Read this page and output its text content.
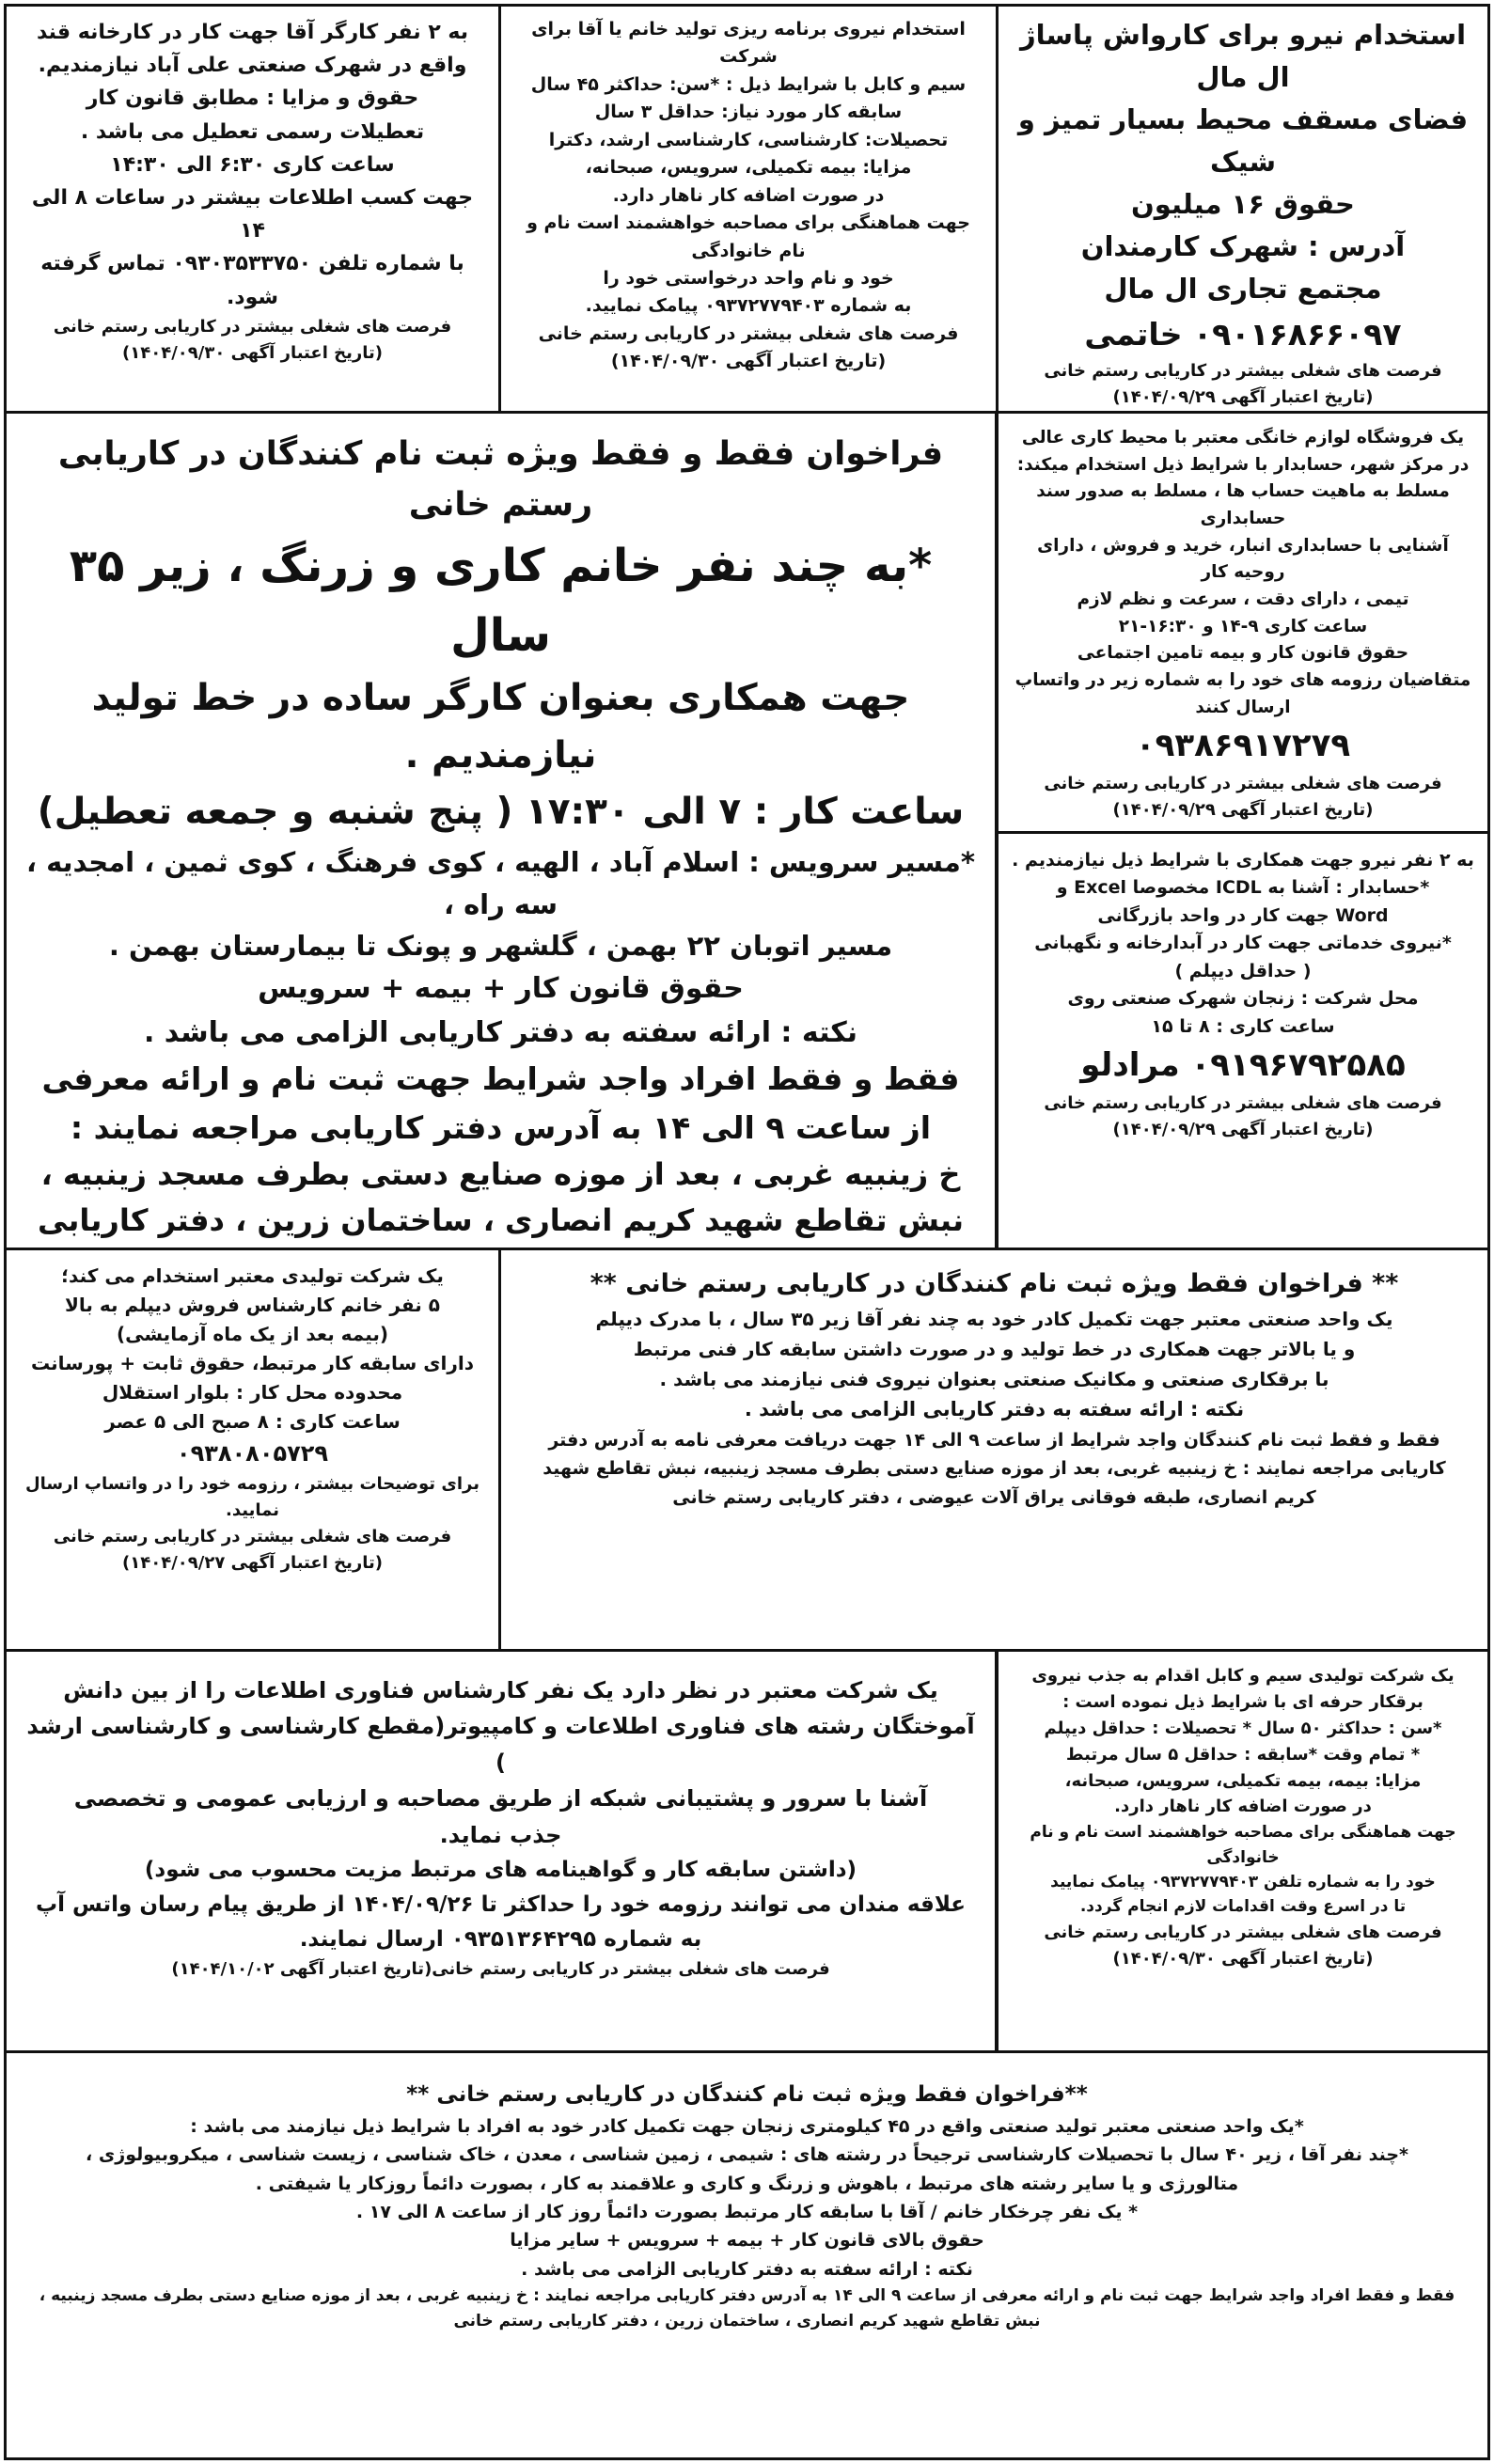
استخدام نیرو برای کارواش پاساژ ال مال

فضای مسقف محیط بسیار تمیز و شیک

حقوق ۱۶ میلیون

آدرس : شهرک کارمندان

مجتمع تجاری ال مال

۰۹۰۱۶۸۶۶۰۹۷ خاتمی

فرصت های شغلی بیشتر در کاریابی رستم خانی

(تاریخ اعتبار آگهی ۱۴۰۴/۰۹/۲۹)

استخدام نیروی برنامه ریزی تولید خانم یا آقا برای شرکت

سیم و کابل با شرایط ذیل : *سن: حداکثر ۴۵ سال

سابقه کار مورد نیاز: حداقل ۳ سال

تحصیلات: کارشناسی، کارشناسی ارشد، دکترا

مزایا: بیمه تکمیلی، سرویس، صبحانه،

در صورت اضافه کار ناهار دارد.

جهت هماهنگی برای مصاحبه خواهشمند است نام و نام خانوادگی

خود و نام واحد درخواستی خود را

به شماره ۰۹۳۷۲۷۷۹۴۰۳ پیامک نمایید.

فرصت های شغلی بیشتر در کاریابی رستم خانی

(تاریخ اعتبار آگهی ۱۴۰۴/۰۹/۳۰)

به ۲ نفر کارگر آقا جهت کار در کارخانه قند

واقع در شهرک صنعتی علی آباد نیازمندیم.

حقوق و مزایا : مطابق قانون کار

تعطیلات رسمی تعطیل می باشد .

ساعت کاری ۶:۳۰ الی ۱۴:۳۰

جهت کسب اطلاعات بیشتر در ساعات ۸ الی ۱۴

با شماره تلفن ۰۹۳۰۳۵۳۳۷۵۰ تماس گرفته شود.

فرصت های شغلی بیشتر در کاریابی رستم خانی

(تاریخ اعتبار آگهی ۱۴۰۴/۰۹/۳۰)

فراخوان فقط و فقط ویژه ثبت نام کنندگان در کاریابی رستم خانی

*به چند نفر خانم کاری و زرنگ ، زیر ۳۵ سال

جهت همکاری بعنوان کارگر ساده در خط تولید نیازمندیم .

ساعت کار : ۷ الی ۱۷:۳۰ ( پنج شنبه و جمعه تعطیل)

*مسیر سرویس : اسلام آباد ، الهیه ، کوی فرهنگ ، کوی ثمین ، امجدیه ، سه راه ،

مسیر اتوبان ۲۲ بهمن ، گلشهر و پونک تا بیمارستان بهمن .

حقوق قانون کار + بیمه + سرویس

نکته : ارائه سفته به دفتر کاریابی الزامی می باشد .

فقط و فقط افراد واجد شرایط جهت ثبت نام و ارائه معرفی

از ساعت ۹ الی ۱۴ به آدرس دفتر کاریابی مراجعه نمایند :

خ زینبیه غربی ، بعد از موزه صنایع دستی بطرف مسجد زینبیه ،

نبش تقاطع شهید کریم انصاری ، ساختمان زرین ، دفتر کاریابی

یک فروشگاه لوازم خانگی معتبر با محیط کاری عالی

در مرکز شهر، حسابدار با شرایط ذیل استخدام میکند:

مسلط به ماهیت حساب ها ، مسلط به صدور سند حسابداری

آشنایی با حسابداری انبار، خرید و فروش ، دارای روحیه کار

تیمی ، دارای دقت ، سرعت و نظم لازم

ساعت کاری ۹-۱۴ و ۱۶:۳۰-۲۱

حقوق قانون کار و بیمه تامین اجتماعی

متقاضیان رزومه های خود را به شماره زیر در واتساپ ارسال کنند

۰۹۳۸۶۹۱۷۲۷۹

فرصت های شغلی بیشتر در کاریابی رستم خانی

(تاریخ اعتبار آگهی ۱۴۰۴/۰۹/۲۹)

به ۲ نفر نیرو جهت همکاری با شرایط ذیل نیازمندیم .

*حسابدار : آشنا به ICDL مخصوصا Excel و

Word جهت کار در واحد بازرگانی

*نیروی خدماتی جهت کار در آبدارخانه و نگهبانی

( حداقل دیپلم )

محل شرکت : زنجان شهرک صنعتی روی

ساعت کاری : ۸ تا ۱۵

۰۹۱۹۶۷۹۲۵۸۵ مرادلو

فرصت های شغلی بیشتر در کاریابی رستم خانی

(تاریخ اعتبار آگهی ۱۴۰۴/۰۹/۲۹)

یک شرکت تولیدی معتبر استخدام می کند؛

۵ نفر خانم کارشناس فروش دیپلم به بالا

(بیمه بعد از یک ماه آزمایشی)

دارای سابقه کار مرتبط، حقوق ثابت + پورسانت

محدوده محل کار : بلوار استقلال

ساعت کاری : ۸ صبح الی ۵ عصر

۰۹۳۸۰۸۰۵۷۲۹

برای توضیحات بیشتر ، رزومه خود را در واتساپ ارسال نمایید.

فرصت های شغلی بیشتر در کاریابی رستم خانی

(تاریخ اعتبار آگهی ۱۴۰۴/۰۹/۲۷)

** فراخوان فقط ویژه ثبت نام کنندگان در کاریابی رستم خانی **

یک واحد صنعتی معتبر جهت تکمیل کادر خود به چند نفر آقا زیر ۳۵ سال ، با مدرک دیپلم

و یا بالاتر جهت همکاری در خط تولید و در صورت داشتن سابقه کار فنی مرتبط

با برقکاری صنعتی و مکانیک صنعتی بعنوان نیروی فنی نیازمند می باشد .

نکته : ارائه سفته به دفتر کاریابی الزامی می باشد .

فقط و فقط ثبت نام کنندگان واجد شرایط از ساعت ۹ الی ۱۴ جهت دریافت معرفی نامه به آدرس دفتر

کاریابی مراجعه نمایند : خ زینبیه غربی، بعد از موزه صنایع دستی بطرف مسجد زینبیه، نبش تقاطع شهید

کریم انصاری، طبقه فوقانی یراق آلات عیوضی ، دفتر کاریابی رستم خانی

یک شرکت معتبر در نظر دارد یک نفر کارشناس فناوری اطلاعات را از بین دانش

آموختگان رشته های فناوری اطلاعات و کامپیوتر(مقطع کارشناسی و کارشناسی ارشد )

آشنا با سرور و پشتیبانی شبکه از طریق مصاحبه و ارزیابی عمومی و تخصصی

جذب نماید.

(داشتن سابقه کار و گواهینامه های مرتبط مزیت محسوب می شود)

علاقه مندان می توانند رزومه خود را حداکثر تا ۱۴۰۴/۰۹/۲۶ از طریق پیام رسان واتس آپ

به شماره ۰۹۳۵۱۳۶۴۲۹۵ ارسال نمایند.

فرصت های شغلی بیشتر در کاریابی رستم خانی(تاریخ اعتبار آگهی ۱۴۰۴/۱۰/۰۲)

یک شرکت تولیدی سیم و کابل اقدام به جذب نیروی

برقکار حرفه ای با شرایط ذیل نموده است :

*سن : حداکثر ۵۰ سال * تحصیلات : حداقل دیپلم

* تمام وقت *سابقه : حداقل ۵ سال مرتبط

مزایا: بیمه، بیمه تکمیلی، سرویس، صبحانه،

در صورت اضافه کار ناهار دارد.

جهت هماهنگی برای مصاحبه خواهشمند است نام و نام خانوادگی

خود را به شماره تلفن ۰۹۳۷۲۷۷۹۴۰۳ پیامک نمایید

تا در اسرع وقت اقدامات لازم انجام گردد.

فرصت های شغلی بیشتر در کاریابی رستم خانی

(تاریخ اعتبار آگهی ۱۴۰۴/۰۹/۳۰)

**فراخوان فقط ویژه ثبت نام کنندگان در کاریابی رستم خانی **

*یک واحد صنعتی معتبر تولید صنعتی واقع در ۴۵ کیلومتری زنجان جهت تکمیل کادر خود به افراد با شرایط ذیل نیازمند می باشد :

*چند نفر آقا ، زیر ۴۰ سال با تحصیلات کارشناسی ترجیحاً در رشته های : شیمی ، زمین شناسی ، معدن ، خاک شناسی ، زیست شناسی ، میکروبیولوژی ،

متالورژی و یا سایر رشته های مرتبط ، باهوش و زرنگ و کاری و علاقمند به کار ، بصورت دائماً روزکار یا شیفتی .

* یک نفر چرخکار خانم / آقا با سابقه کار مرتبط بصورت دائماً روز کار از ساعت ۸ الی ۱۷ .

حقوق بالای قانون کار + بیمه + سرویس + سایر مزایا

نکته : ارائه سفته به دفتر کاریابی الزامی می باشد .

فقط و فقط افراد واجد شرایط جهت ثبت نام و ارائه معرفی از ساعت ۹ الی ۱۴ به آدرس دفتر کاریابی مراجعه نمایند : خ زینبیه غربی ، بعد از موزه صنایع دستی بطرف مسجد زینبیه ،

نبش تقاطع شهید کریم انصاری ، ساختمان زرین ، دفتر کاریابی رستم خانی
